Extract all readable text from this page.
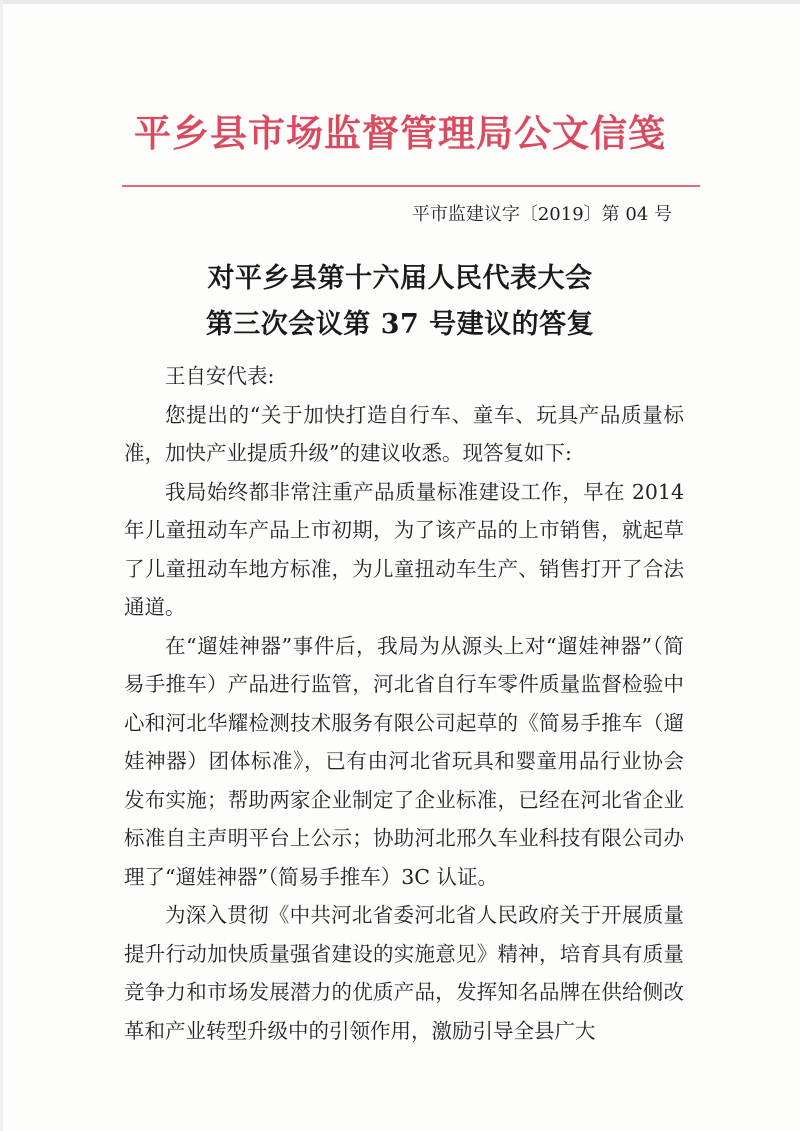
平乡县市场监督管理局公文信笺
平市监建议字〔2019〕第 04 号
对平乡县第十六届人民代表大会
第三次会议第 37 号建议的答复

王自安代表:

您提出的“关于加快打造自行车、童车、玩具产品质量标准，加快产业提质升级”的建议收悉。现答复如下:

我局始终都非常注重产品质量标准建设工作，早在 2014 年儿童扭动车产品上市初期，为了该产品的上市销售，就起草了儿童扭动车地方标准，为儿童扭动车生产、销售打开了合法通道。

在“遛娃神器”事件后，我局为从源头上对“遛娃神器”（简易手推车）产品进行监管，河北省自行车零件质量监督检验中心和河北华耀检测技术服务有限公司起草的《简易手推车（遛娃神器）团体标准》，已有由河北省玩具和婴童用品行业协会发布实施；帮助两家企业制定了企业标准，已经在河北省企业标准自主声明平台上公示；协助河北邢久车业科技有限公司办理了“遛娃神器”（简易手推车）3C 认证。

为深入贯彻《中共河北省委河北省人民政府关于开展质量提升行动加快质量强省建设的实施意见》精神，培育具有质量竞争力和市场发展潜力的优质产品，发挥知名品牌在供给侧改革和产业转型升级中的引领作用，激励引导全县广大
